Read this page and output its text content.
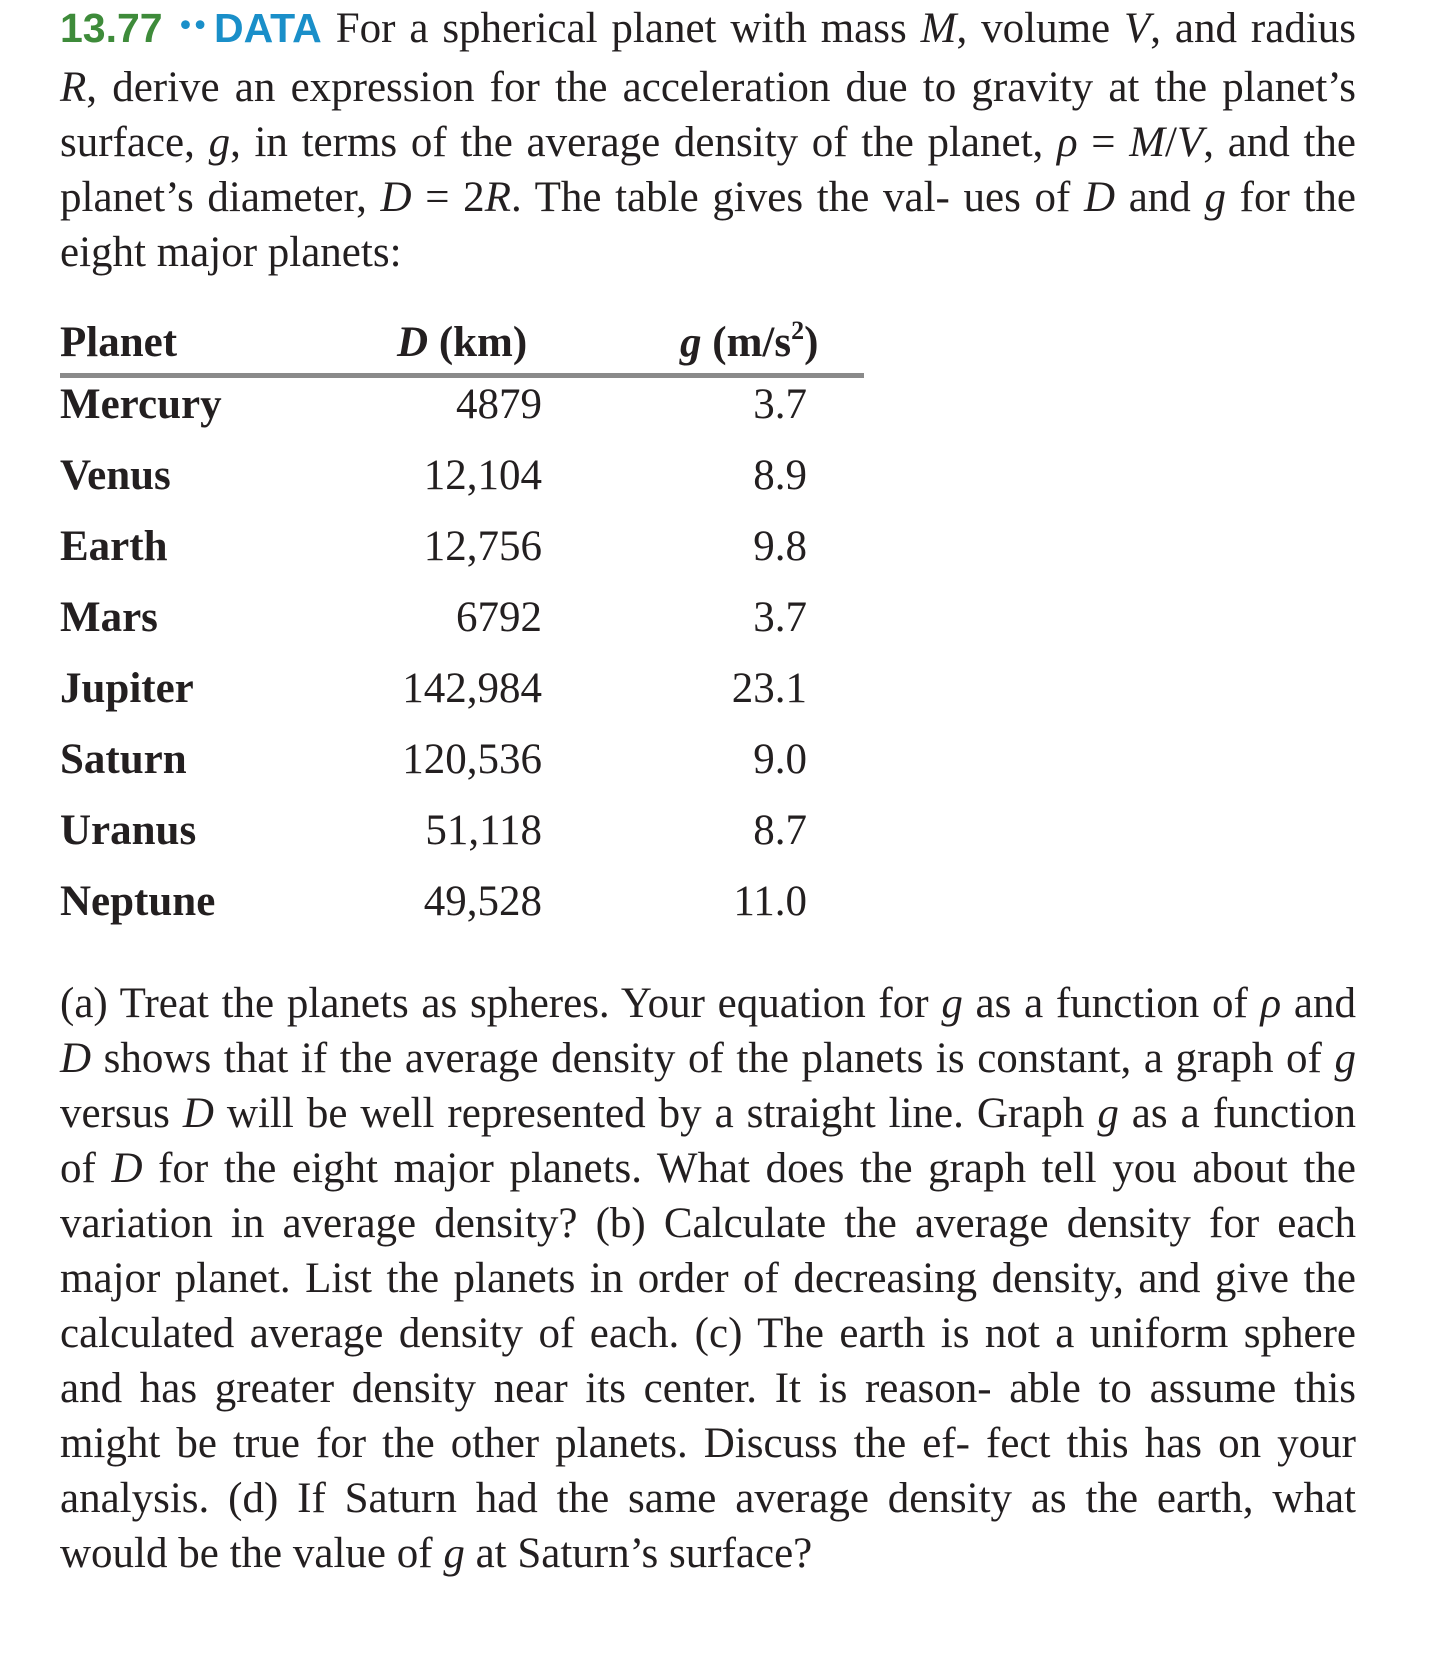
13.77 •• DATA For a spherical planet with mass M, volume V, and radius R, derive an expression for the acceleration due to gravity at the planet’s surface, g, in terms of the average density of the planet, ρ = M/V, and the planet’s diameter, D = 2R. The table gives the val- ues of D and g for the eight major planets:

Planet	D (km)	g $(m/s^2)$
Mercury	4879	3.7
Venus	12,104	8.9
Earth	12,756	9.8
Mars	6792	3.7
Jupiter	142,984	23.1
Saturn	120,536	9.0
Uranus	51,118	8.7
Neptune	49,528	11.0

(a) Treat the planets as spheres. Your equation for g as a function of ρ and D shows that if the average density of the planets is constant, a graph of g versus D will be well represented by a straight line. Graph g as a function of D for the eight major planets. What does the graph tell you about the variation in average density? (b) Calculate the average density for each major planet. List the planets in order of decreasing density, and give the calculated average density of each. (c) The earth is not a uniform sphere and has greater density near its center. It is reason- able to assume this might be true for the other planets. Discuss the ef- fect this has on your analysis. (d) If Saturn had the same average density as the earth, what would be the value of g at Saturn’s surface?
